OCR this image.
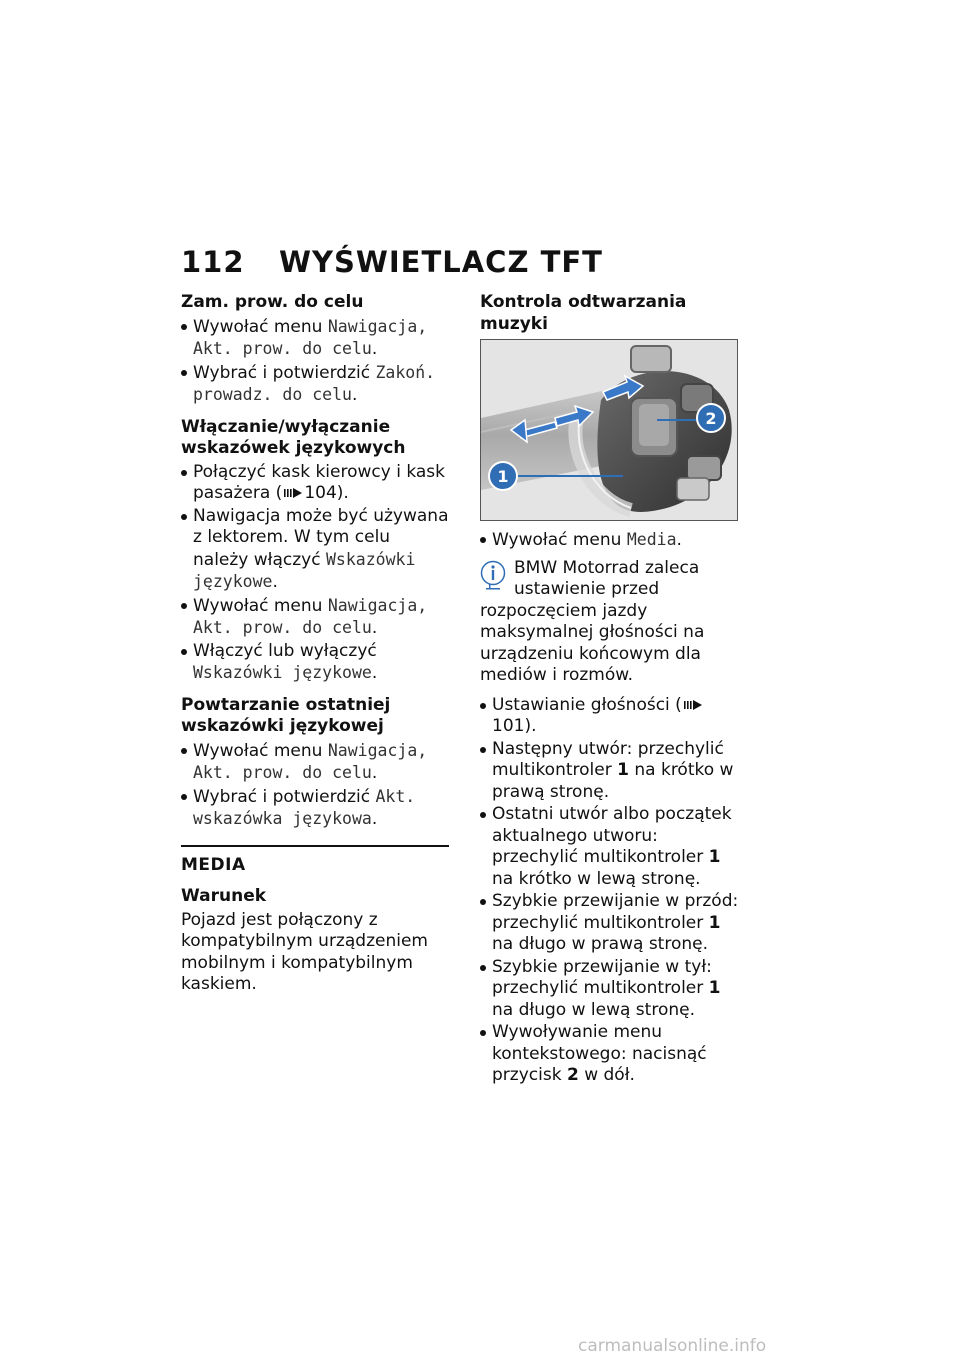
112 WYŚWIETLACZ TFT
Zam. prow. do celu
Wywołać menu Nawigacja, Akt. prow. do celu.
Wybrać i potwierdzić Zakoń. prowadz. do celu.
Włączanie/wyłączanie wskazówek językowych
Połączyć kask kierowcy i kask pasażera ( 104).
Nawigacja może być używana z lektorem. W tym celu należy włączyć Wskazówki językowe.
Wywołać menu Nawigacja, Akt. prow. do celu.
Włączyć lub wyłączyć Wskazówki językowe.
Powtarzanie ostatniej wskazówki językowej
Wywołać menu Nawigacja, Akt. prow. do celu.
Wybrać i potwierdzić Akt. wskazówka językowa.
MEDIA
Warunek

Pojazd jest połączony z kompatybilnym urządzeniem mobilnym i kompatybilnym kaskiem.

Kontrola odtwarzania muzyki
1
2
Wywołać menu Media.

BMW Motorrad zaleca ustawienie przed rozpoczęciem jazdy maksymalnej głośności na urządzeniu końcowym dla mediów i rozmów.

Ustawianie głośności (101).
Następny utwór: przechylić multikontroler 1 na krótko w prawą stronę.
Ostatni utwór albo początek aktualnego utworu: przechylić multikontroler 1 na krótko w lewą stronę.
Szybkie przewijanie w przód: przechylić multikontroler 1 na długo w prawą stronę.
Szybkie przewijanie w tył: przechylić multikontroler 1 na długo w lewą stronę.
Wywoływanie menu kontekstowego: nacisnąć przycisk 2 w dół.
carmanualsonline.info
